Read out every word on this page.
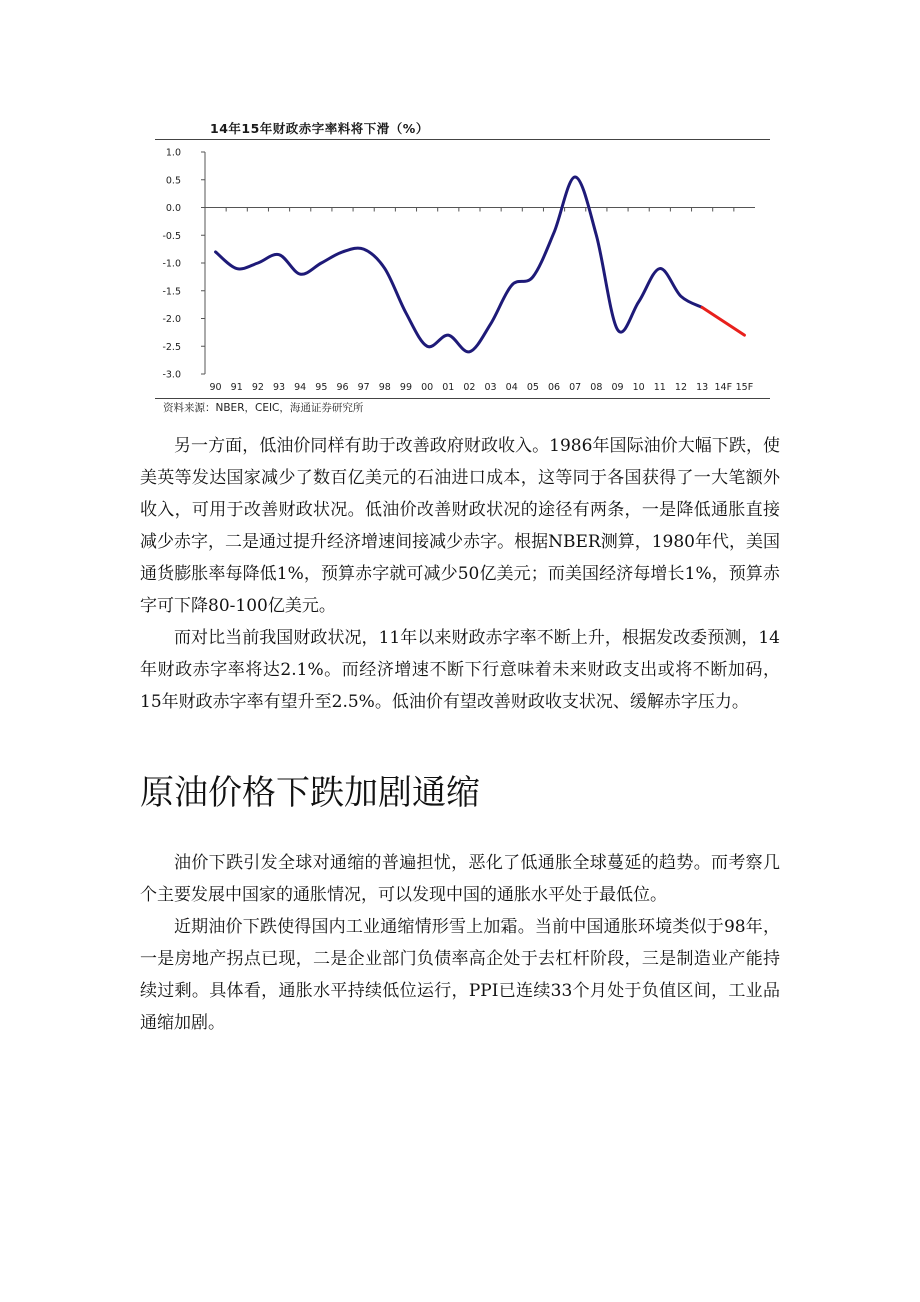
14年15年财政赤字率料将下滑（%）
1.0
0.5
0.0
-0.5
-1.0
-1.5
-2.0
-2.5
-3.0
90 91 92 93 94 95 96 97 98 99 00 01 02 03 04 05 06 07 08 09 10 11 12 13 14F 15F
资料来源：NBER，CEIC，海通证券研究所

另一方面，低油价同样有助于改善政府财政收入。1986年国际油价大幅下跌，使美英等发达国家减少了数百亿美元的石油进口成本，这等同于各国获得了一大笔额外收入，可用于改善财政状况。低油价改善财政状况的途径有两条，一是降低通胀直接减少赤字，二是通过提升经济增速间接减少赤字。根据NBER测算，1980年代，美国通货膨胀率每降低1%，预算赤字就可减少50亿美元；而美国经济每增长1%，预算赤字可下降80-100亿美元。

而对比当前我国财政状况，11年以来财政赤字率不断上升，根据发改委预测，14年财政赤字率将达2.1%。而经济增速不断下行意味着未来财政支出或将不断加码，15年财政赤字率有望升至2.5%。低油价有望改善财政收支状况、缓解赤字压力。

原油价格下跌加剧通缩

油价下跌引发全球对通缩的普遍担忧，恶化了低通胀全球蔓延的趋势。而考察几个主要发展中国家的通胀情况，可以发现中国的通胀水平处于最低位。

近期油价下跌使得国内工业通缩情形雪上加霜。当前中国通胀环境类似于98年，一是房地产拐点已现，二是企业部门负债率高企处于去杠杆阶段，三是制造业产能持续过剩。具体看，通胀水平持续低位运行，PPI已连续33个月处于负值区间，工业品通缩加剧。
